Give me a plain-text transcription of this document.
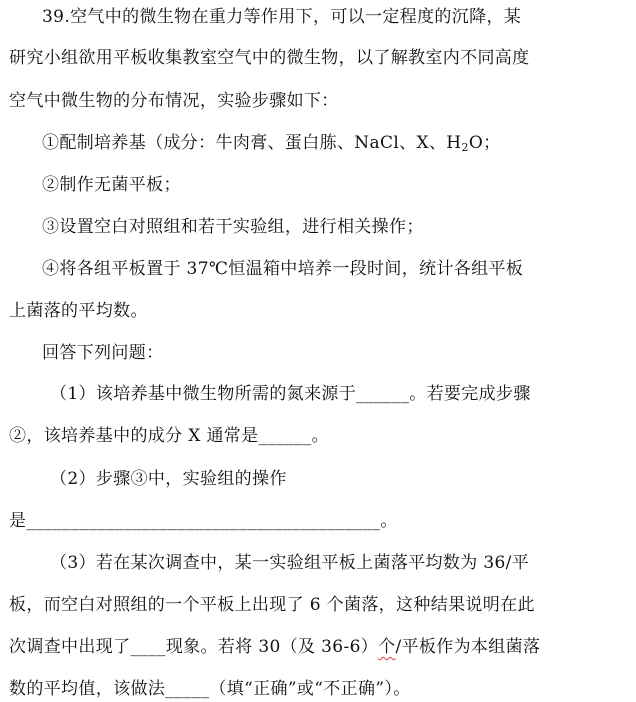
39.空气中的微生物在重力等作用下，可以一定程度的沉降，某
研究小组欲用平板收集教室空气中的微生物，以了解教室内不同高度
空气中微生物的分布情况，实验步骤如下：
①配制培养基（成分：牛肉膏、蛋白胨、NaCl、X、$H_2O$；
②制作无菌平板；
③设置空白对照组和若干实验组，进行相关操作；
④将各组平板置于 37℃恒温箱中培养一段时间，统计各组平板
上菌落的平均数。
回答下列问题：
（1）该培养基中微生物所需的氮来源于______。若要完成步骤
②，该培养基中的成分 X 通常是______。
（2）步骤③中，实验组的操作
是________________________________________。
（3）若在某次调查中，某一实验组平板上菌落平均数为 36/平
板，而空白对照组的一个平板上出现了 6 个菌落，这种结果说明在此
次调查中出现了____现象。若将 30（及 36-6）个/平板作为本组菌落
数的平均值，该做法_____（填“正确”或“不正确”）。
